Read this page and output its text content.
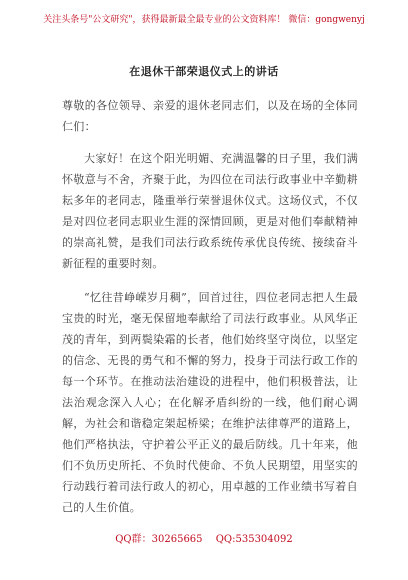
关注头条号"公文研究"，获得最新最全最专业的公文资料库！ 微信：gongwenyj
在退休干部荣退仪式上的讲话

尊敬的各位领导、亲爱的退休老同志们，以及在场的全体同仁们：

大家好！在这个阳光明媚、充满温馨的日子里，我们满怀敬意与不舍，齐聚于此，为四位在司法行政事业中辛勤耕耘多年的老同志，隆重举行荣誉退休仪式。这场仪式，不仅是对四位老同志职业生涯的深情回顾，更是对他们奉献精神的崇高礼赞，是我们司法行政系统传承优良传统、接续奋斗新征程的重要时刻。

“忆往昔峥嵘岁月稠”，回首过往，四位老同志把人生最宝贵的时光，毫无保留地奉献给了司法行政事业。从风华正茂的青年，到两鬓染霜的长者，他们始终坚守岗位，以坚定的信念、无畏的勇气和不懈的努力，投身于司法行政工作的每一个环节。在推动法治建设的进程中，他们积极普法，让法治观念深入人心；在化解矛盾纠纷的一线，他们耐心调解，为社会和谐稳定架起桥梁；在维护法律尊严的道路上，他们严格执法，守护着公平正义的最后防线。几十年来，他们不负历史所托、不负时代使命、不负人民期望，用坚实的行动践行着司法行政人的初心，用卓越的工作业绩书写着自己的人生价值。

QQ群：30265665 QQ:535304092
